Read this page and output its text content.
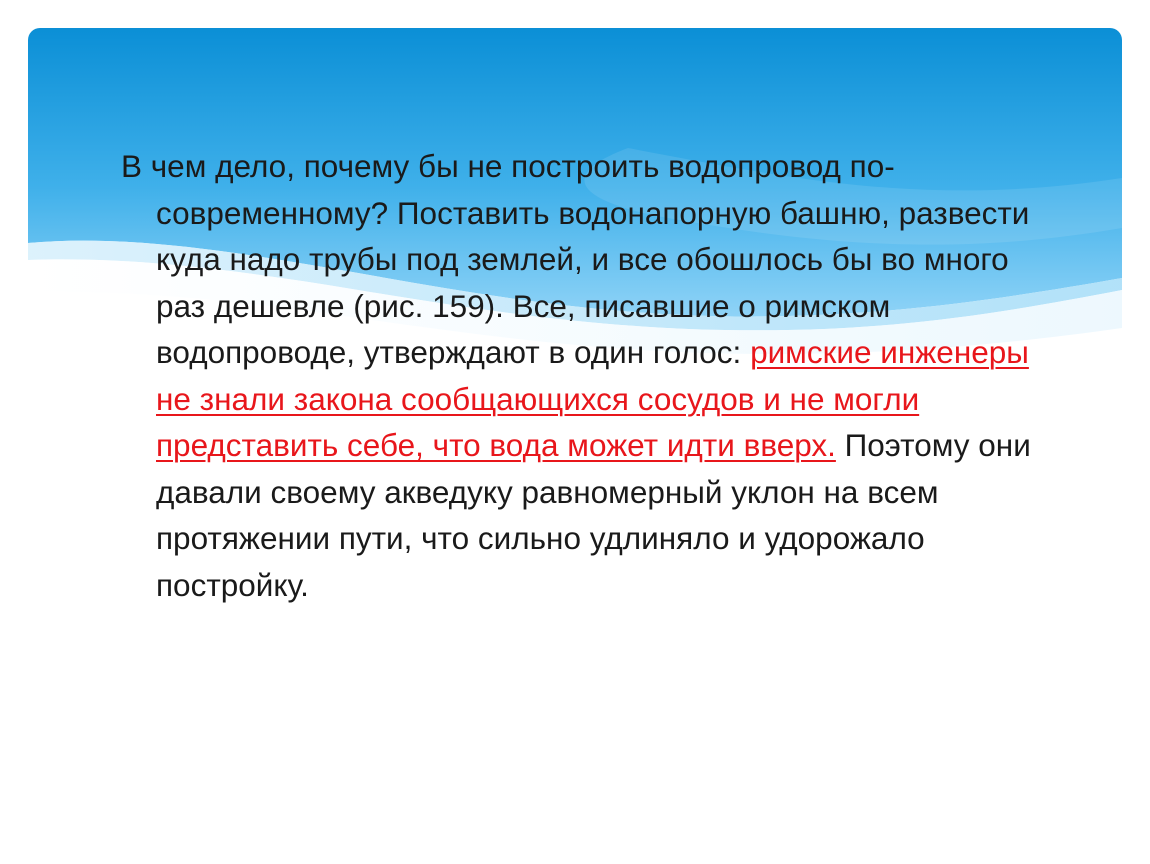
В чем дело, почему бы не построить водопровод по-современному? Поставить водонапорную башню, развести куда надо трубы под землей, и все обошлось бы во много раз дешевле (рис. 159). Все, писавшие о римском водопроводе, утверждают в один голос: римские инженеры не знали закона сообщающихся сосудов и не могли представить себе, что вода может идти вверх. Поэтому они давали своему акведуку равномерный уклон на всем протяжении пути, что сильно удлиняло и удорожало постройку.
